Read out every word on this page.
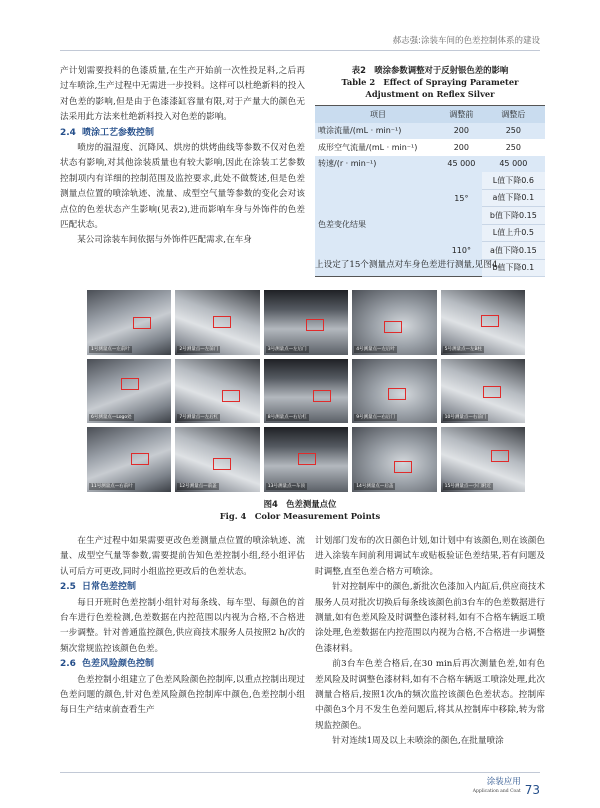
郝志强:涂装车间的色差控制体系的建设

产计划需要投料的色漆质量,在生产开始前一次性投足料,之后再过车喷涂,生产过程中无需进一步投料。这样可以杜绝新料的投入对色差的影响,但是由于色漆漆缸容量有限,对于产量大的颜色无法采用此方法来杜绝新料投入对色差的影响。

2.4 喷涂工艺参数控制

喷房的温湿度、沉降风、烘房的烘烤曲线等参数不仅对色差状态有影响,对其他涂装质量也有较大影响,因此在涂装工艺参数控制项内有详细的控制范围及监控要求,此处不做赘述,但是色差测量点位置的喷涂轨迹、流量、成型空气量等参数的变化会对该点位的色差状态产生影响(见表2),进而影响车身与外饰件的色差匹配状态。

某公司涂装车间依据与外饰件匹配需求,在车身

表2　喷涂参数调整对于反射银色差的影响
Table 2　Effect of Spraying Parameter Adjustment on Reflex Silver
项目	调整前	调整后
喷涂流量/(mL · min⁻¹)	200	250
成形空气流量/(mL · min⁻¹)	200	250
转速/(r · min⁻¹)	45 000	45 000
色差变化结果	15°	L值下降0.6
		a值下降0.1
		b值下降0.15
	110°	L值上升0.5
		a值下降0.15
		b值下降0.1

上设定了15个测量点对车身色差进行测量,见图4。

1号测量点—左前叶	2号测量点—左前门	3号测量点—左后门	4号测量点—左后叶	5号测量点—左B柱
6号测量点—Logo处	7号测量点—左后杠	8号测量点—右后杠	9号测量点—右后门	10号测量点—右前门
11号测量点—右前叶	12号测量点—前盖	13号测量点—车顶	14号测量点—后盖	15号测量点—小门附近
图4　色差测量点位
Fig. 4　Color Measurement Points

在生产过程中如果需要更改色差测量点位置的喷涂轨迹、流量、成型空气量等参数,需要提前告知色差控制小组,经小组评估认可后方可更改,同时小组监控更改后的色差状态。

2.5 日常色差控制

每日开班时色差控制小组针对每条线、每车型、每颜色的首台车进行色差检测,色差数据在内控范围以内视为合格,不合格进一步调整。针对普通监控颜色,供应商技术服务人员按照2 h/次的频次常规监控该颜色色差。

2.6 色差风险颜色控制

色差控制小组建立了色差风险颜色控制库,以重点控制出现过色差问题的颜色,针对色差风险颜色控制库中颜色,色差控制小组每日生产结束前查看生产

计划部门发布的次日颜色计划,如计划中有该颜色,则在该颜色进入涂装车间前利用调试车或贴板验证色差结果,若有问题及时调整,直至色差合格方可喷涂。

针对控制库中的颜色,新批次色漆加入内缸后,供应商技术服务人员对批次切换后每条线该颜色前3台车的色差数据进行测量,如有色差风险及时调整色漆材料,如有不合格车辆返工喷涂处理,色差数据在内控范围以内视为合格,不合格进一步调整色漆材料。

前3台车色差合格后,在30 min后再次测量色差,如有色差风险及时调整色漆材料,如有不合格车辆返工喷涂处理,此次测量合格后,按照1次/h的频次监控该颜色色差状态。控制库中颜色3个月不发生色差问题后,将其从控制库中移除,转为常规监控颜色。

针对连续1周及以上未喷涂的颜色,在批量喷涂

涂装应用
Application and Coat 73
